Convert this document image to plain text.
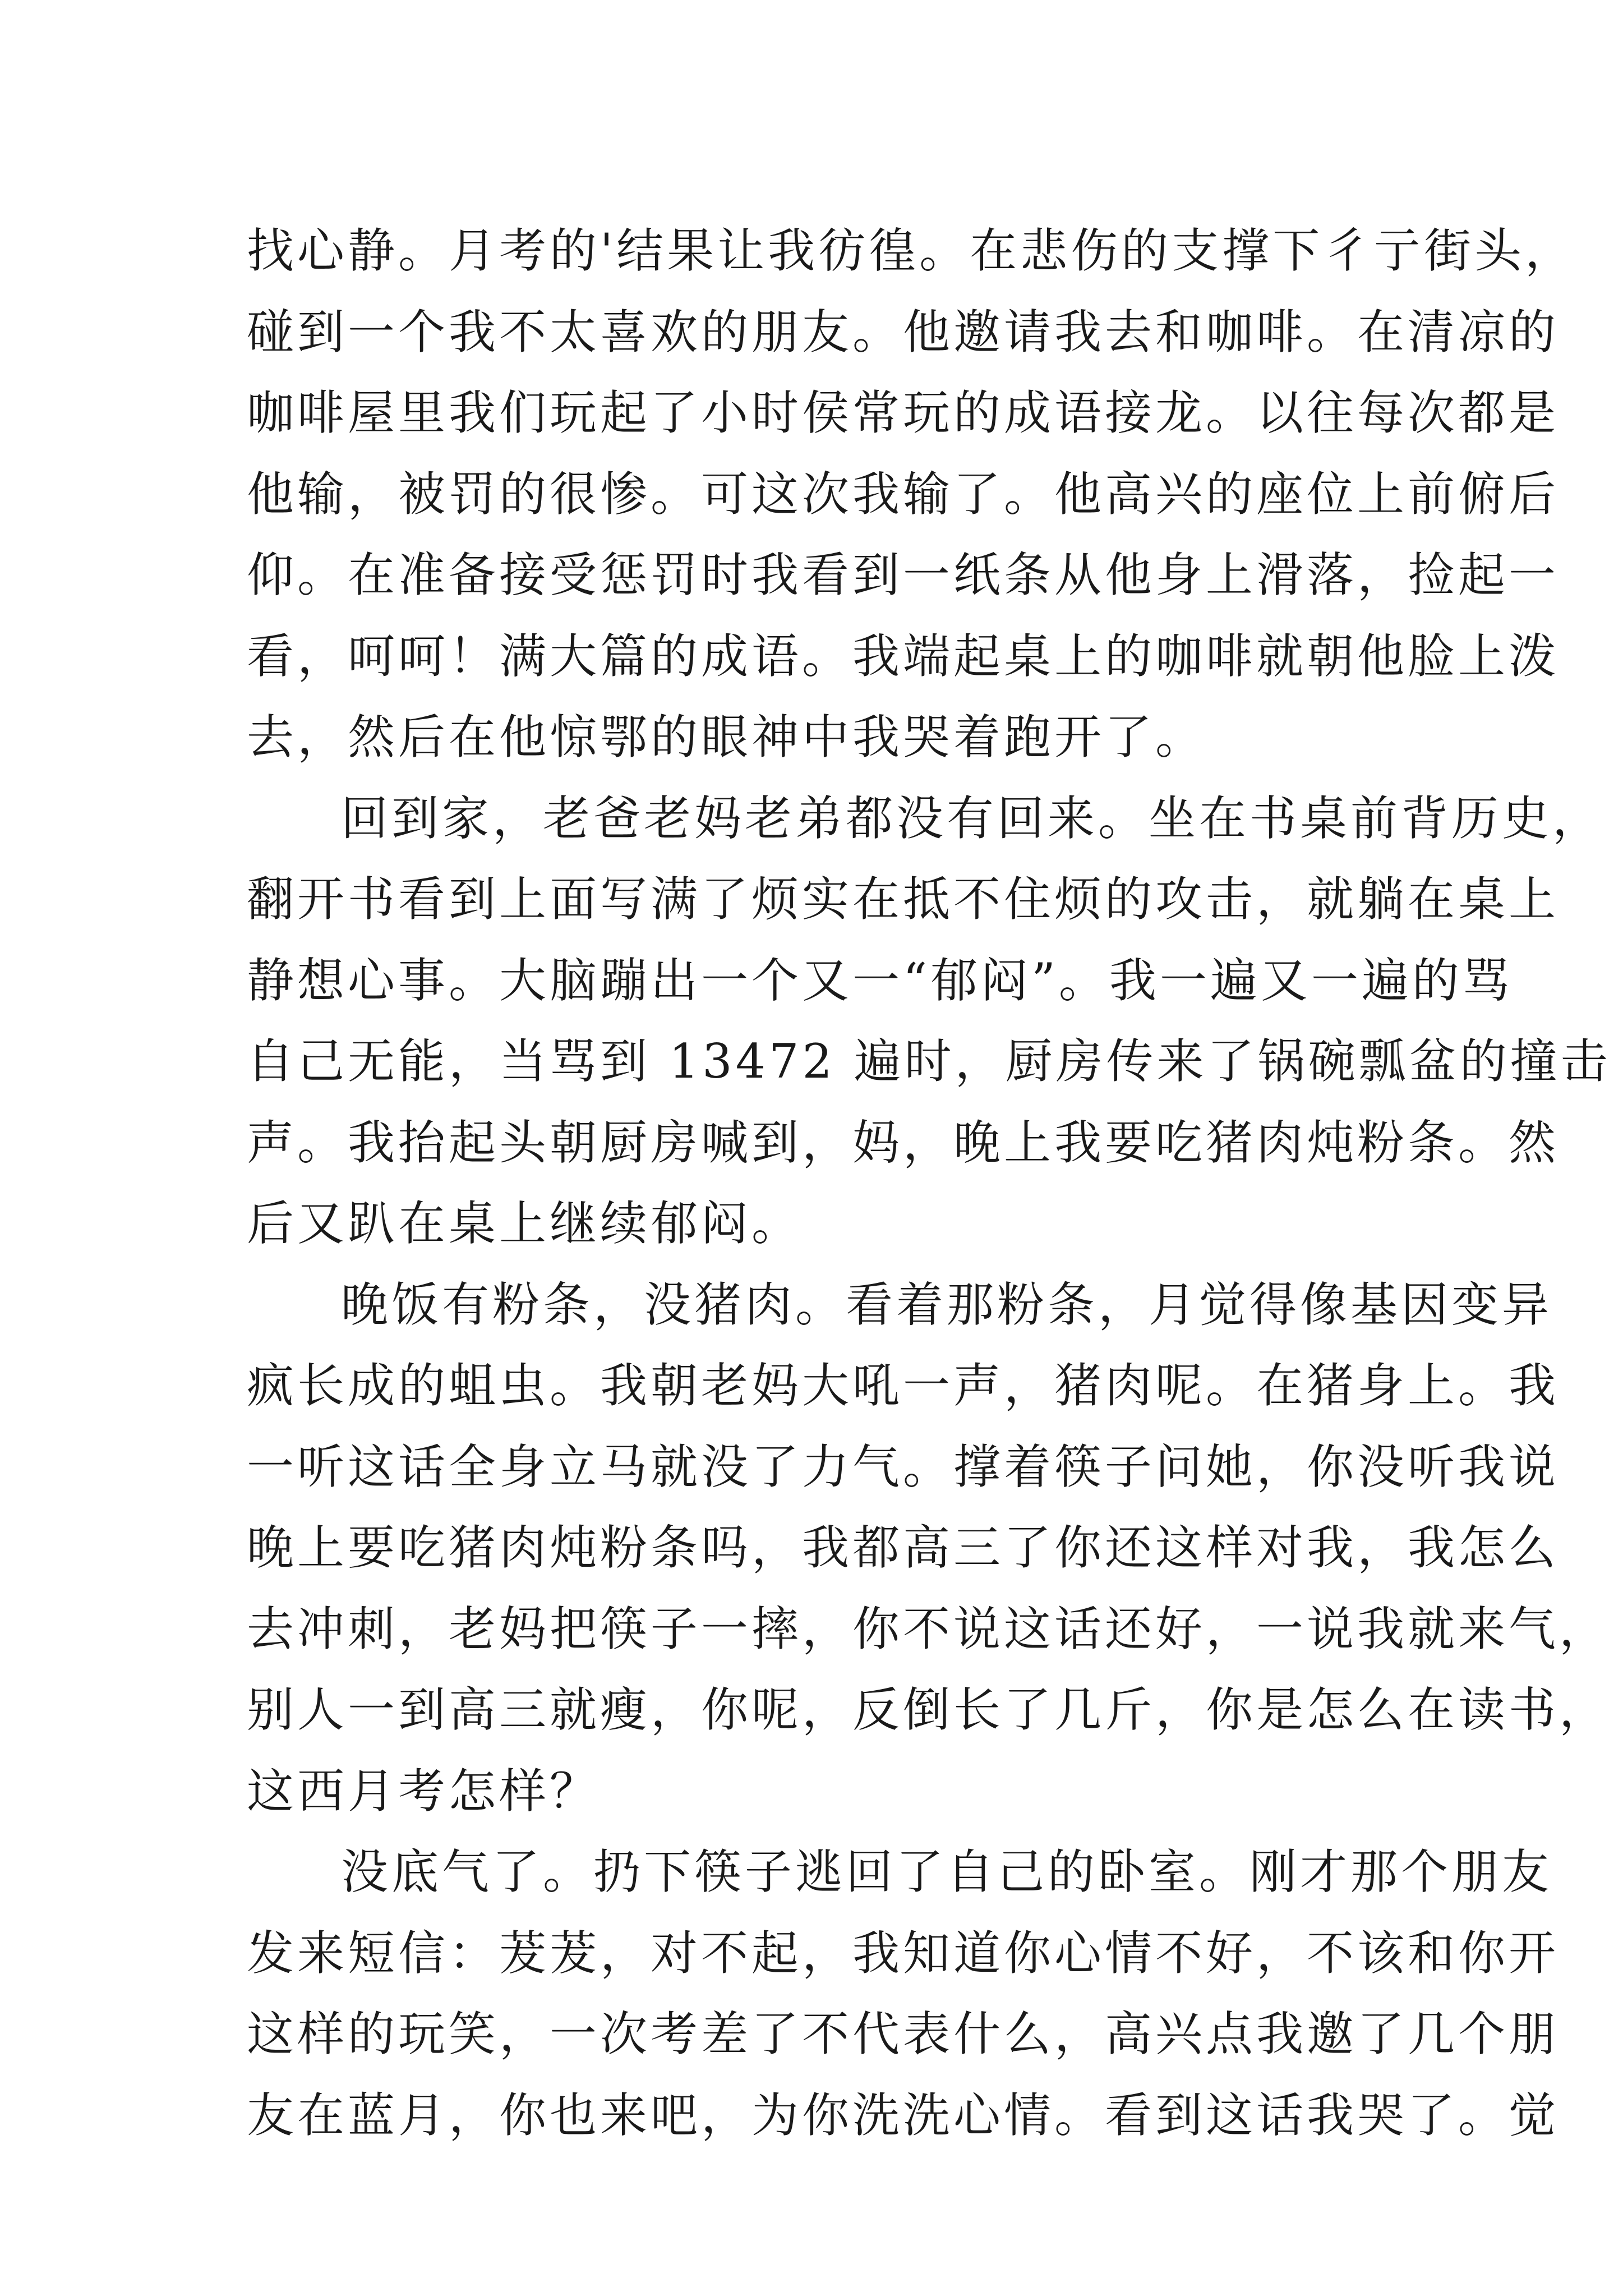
找心静。月考的'结果让我彷徨。在悲伤的支撑下彳亍街头，
碰到一个我不太喜欢的朋友。他邀请我去和咖啡。在清凉的
咖啡屋里我们玩起了小时侯常玩的成语接龙。以往每次都是
他输，被罚的很惨。可这次我输了。他高兴的座位上前俯后
仰。在准备接受惩罚时我看到一纸条从他身上滑落，捡起一
看，呵呵！满大篇的成语。我端起桌上的咖啡就朝他脸上泼
去，然后在他惊鄂的眼神中我哭着跑开了。
回到家，老爸老妈老弟都没有回来。坐在书桌前背历史，
翻开书看到上面写满了烦实在抵不住烦的攻击，就躺在桌上
静想心事。大脑蹦出一个又一“郁闷”。我一遍又一遍的骂
自己无能，当骂到 13472 遍时，厨房传来了锅碗瓢盆的撞击
声。我抬起头朝厨房喊到，妈，晚上我要吃猪肉炖粉条。然
后又趴在桌上继续郁闷。
晚饭有粉条，没猪肉。看着那粉条，月觉得像基因变异
疯长成的蛆虫。我朝老妈大吼一声，猪肉呢。在猪身上。我
一听这话全身立马就没了力气。撑着筷子问她，你没听我说
晚上要吃猪肉炖粉条吗，我都高三了你还这样对我，我怎么
去冲刺，老妈把筷子一摔，你不说这话还好，一说我就来气，
别人一到高三就瘦，你呢，反倒长了几斤，你是怎么在读书，
这西月考怎样？
没底气了。扔下筷子逃回了自己的卧室。刚才那个朋友
发来短信：茇茇，对不起，我知道你心情不好，不该和你开
这样的玩笑，一次考差了不代表什么，高兴点我邀了几个朋
友在蓝月，你也来吧，为你洗洗心情。看到这话我哭了。觉
